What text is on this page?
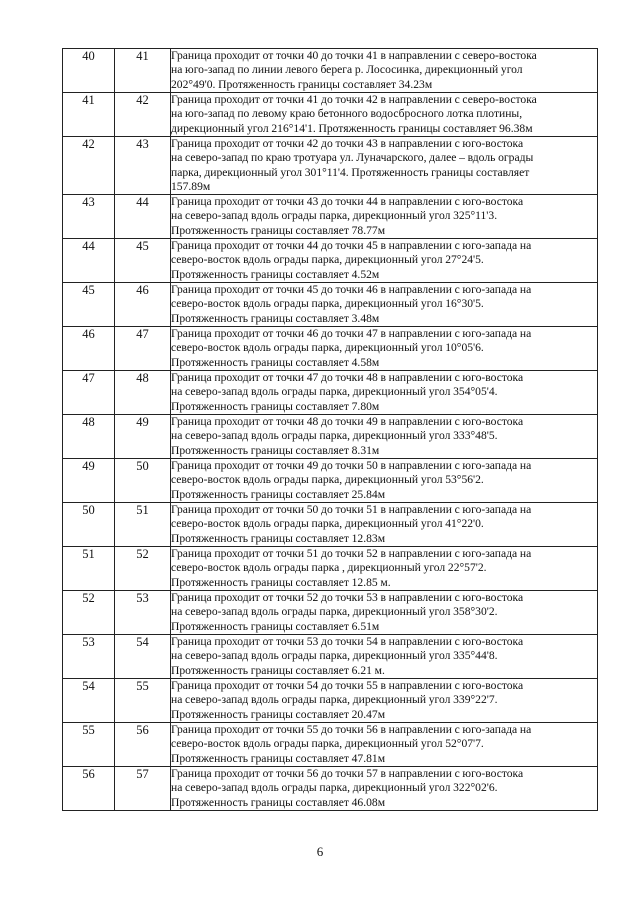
40	41	Граница проходит от точки 40 до точки 41 в направлении с северо-востока
на юго-запад по линии левого берега р. Лососинка, дирекционный угол
202°49'0. Протяженность границы составляет 34.23м

41	42	Граница проходит от точки 41 до точки 42 в направлении с северо-востока
на юго-запад по левому краю бетонного водосбросного лотка плотины,
дирекционный угол 216°14'1. Протяженность границы составляет 96.38м

42	43	Граница проходит от точки 42 до точки 43 в направлении с юго-востока
на северо-запад по краю тротуара ул. Луначарского, далее – вдоль ограды
парка, дирекционный угол 301°11'4. Протяженность границы составляет
157.89м

43	44	Граница проходит от точки 43 до точки 44 в направлении с юго-востока
на северо-запад вдоль ограды парка, дирекционный угол 325°11'3.
Протяженность границы составляет 78.77м

44	45	Граница проходит от точки 44 до точки 45 в направлении с юго-запада на
северо-восток вдоль ограды парка, дирекционный угол 27°24'5.
Протяженность границы составляет 4.52м

45	46	Граница проходит от точки 45 до точки 46 в направлении с юго-запада на
северо-восток вдоль ограды парка, дирекционный угол 16°30'5.
Протяженность границы составляет 3.48м

46	47	Граница проходит от точки 46 до точки 47 в направлении с юго-запада на
северо-восток вдоль ограды парка, дирекционный угол 10°05'6.
Протяженность границы составляет 4.58м

47	48	Граница проходит от точки 47 до точки 48 в направлении с юго-востока
на северо-запад вдоль ограды парка, дирекционный угол 354°05'4.
Протяженность границы составляет 7.80м

48	49	Граница проходит от точки 48 до точки 49 в направлении с юго-востока
на северо-запад вдоль ограды парка, дирекционный угол 333°48'5.
Протяженность границы составляет 8.31м

49	50	Граница проходит от точки 49 до точки 50 в направлении с юго-запада на
северо-восток вдоль ограды парка, дирекционный угол 53°56'2.
Протяженность границы составляет 25.84м

50	51	Граница проходит от точки 50 до точки 51 в направлении с юго-запада на
северо-восток вдоль ограды парка, дирекционный угол 41°22'0.
Протяженность границы составляет 12.83м

51	52	Граница проходит от точки 51 до точки 52 в направлении с юго-запада на
северо-восток вдоль ограды парка , дирекционный угол 22°57'2.
Протяженность границы составляет 12.85 м.

52	53	Граница проходит от точки 52 до точки 53 в направлении с юго-востока
на северо-запад вдоль ограды парка, дирекционный угол 358°30'2.
Протяженность границы составляет 6.51м

53	54	Граница проходит от точки 53 до точки 54 в направлении с юго-востока
на северо-запад вдоль ограды парка, дирекционный угол 335°44'8.
Протяженность границы составляет 6.21 м.

54	55	Граница проходит от точки 54 до точки 55 в направлении с юго-востока
на северо-запад вдоль ограды парка, дирекционный угол 339°22'7.
Протяженность границы составляет 20.47м

55	56	Граница проходит от точки 55 до точки 56 в направлении с юго-запада на
северо-восток вдоль ограды парка, дирекционный угол 52°07'7.
Протяженность границы составляет 47.81м

56	57	Граница проходит от точки 56 до точки 57 в направлении с юго-востока
на северо-запад вдоль ограды парка, дирекционный угол 322°02'6.
Протяженность границы составляет 46.08м
6
